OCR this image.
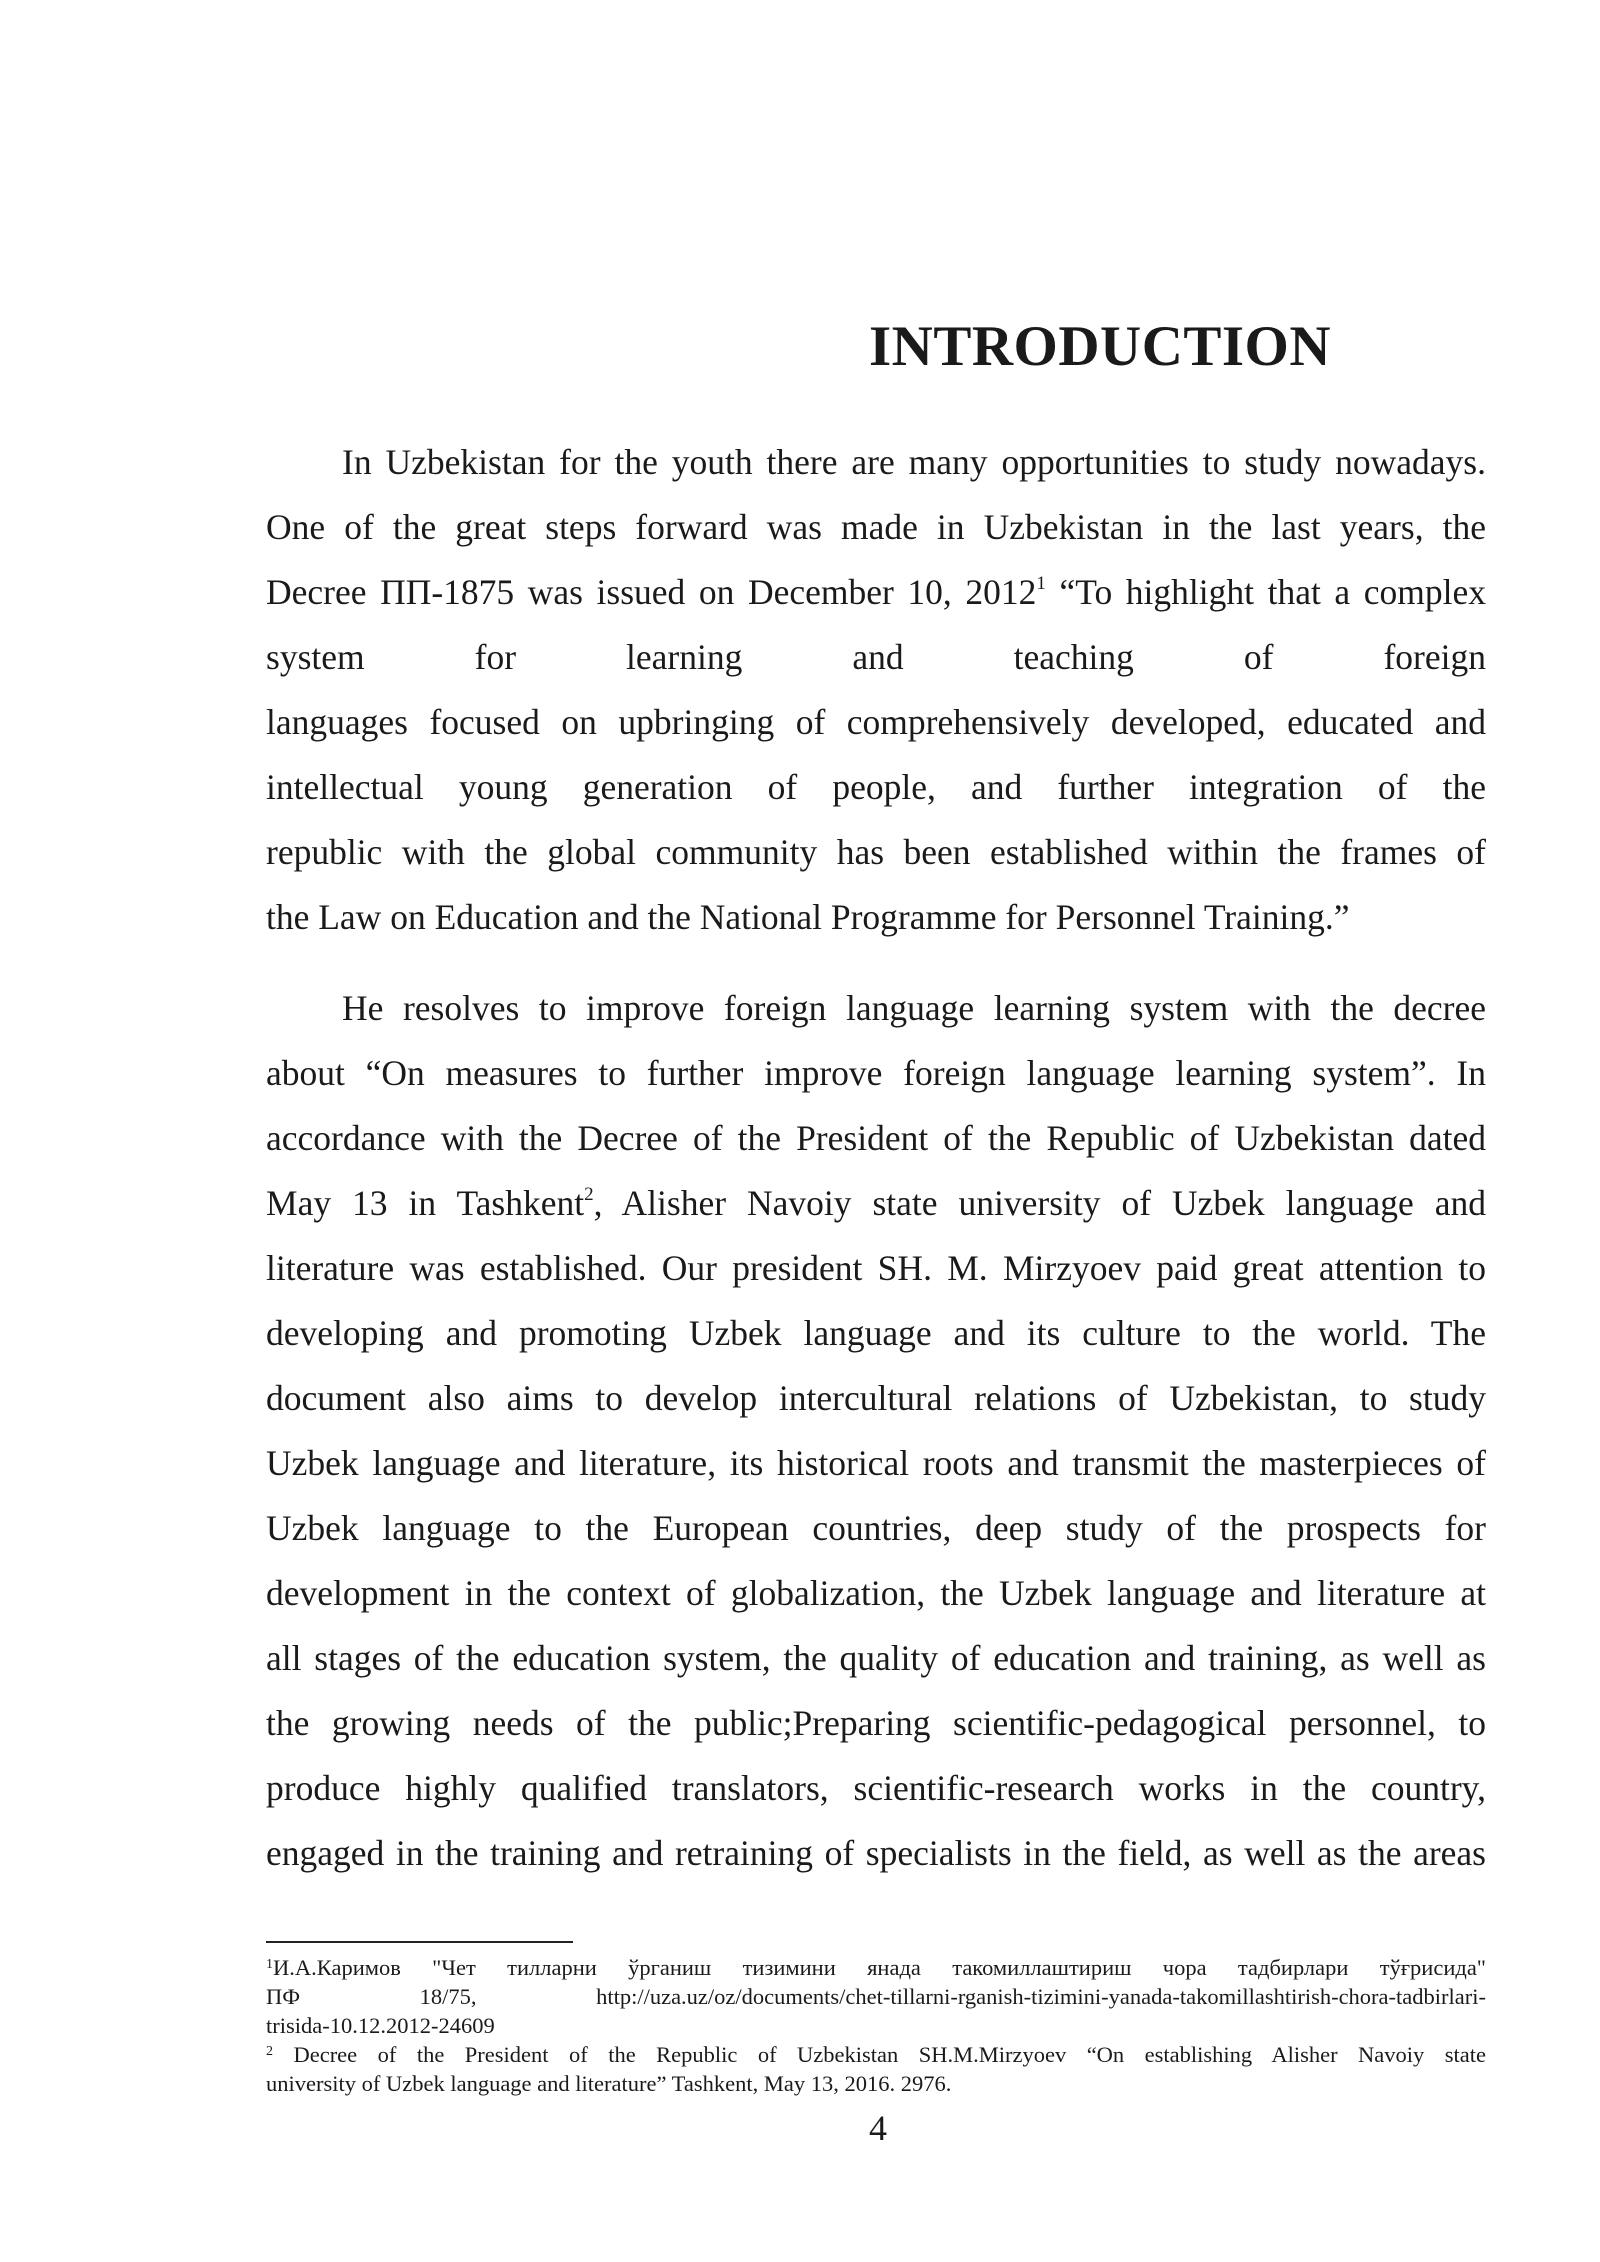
INTRODUCTION
In Uzbekistan for the youth there are many opportunities to study nowadays.
One of the great steps forward was made in Uzbekistan in the last years, the
Decree ПП-1875 was issued on December 10, 2012$^1$ “To highlight that a complex
system for learning and teaching of foreign
languages focused on upbringing of comprehensively developed, educated and
intellectual young generation of people, and further integration of the
republic with the global community has been established within the frames of
the Law on Education and the National Programme for Personnel Training.”
He resolves to improve foreign language learning system with the decree
about “On measures to further improve foreign language learning system”. In
accordance with the Decree of the President of the Republic of Uzbekistan dated
May 13 in Tashkent$^2$, Alisher Navoiy state university of Uzbek language and
literature was established. Our president SH. M. Mirzyoev paid great attention to
developing and promoting Uzbek language and its culture to the world. The
document also aims to develop intercultural relations of Uzbekistan, to study
Uzbek language and literature, its historical roots and transmit the masterpieces of
Uzbek language to the European countries, deep study of the prospects for
development in the context of globalization, the Uzbek language and literature at
all stages of the education system, the quality of education and training, as well as
the growing needs of the public;Preparing scientific-pedagogical personnel, to
produce highly qualified translators, scientific-research works in the country,
engaged in the training and retraining of specialists in the field, as well as the areas
$^1$И.А.Каримов "Чет тилларни ўрганиш тизимини янада такомиллаштириш чора тадбирлари тўғрисида"
ПФ 18/75, http://uza.uz/oz/documents/chet-tillarni-rganish-tizimini-yanada-takomillashtirish-chora-tadbirlari-
trisida-10.12.2012-24609
$^2$ Decree of the President of the Republic of Uzbekistan SH.M.Mirzyoev “On establishing Alisher Navoiy state
university of Uzbek language and literature” Tashkent, May 13, 2016. 2976.
4
